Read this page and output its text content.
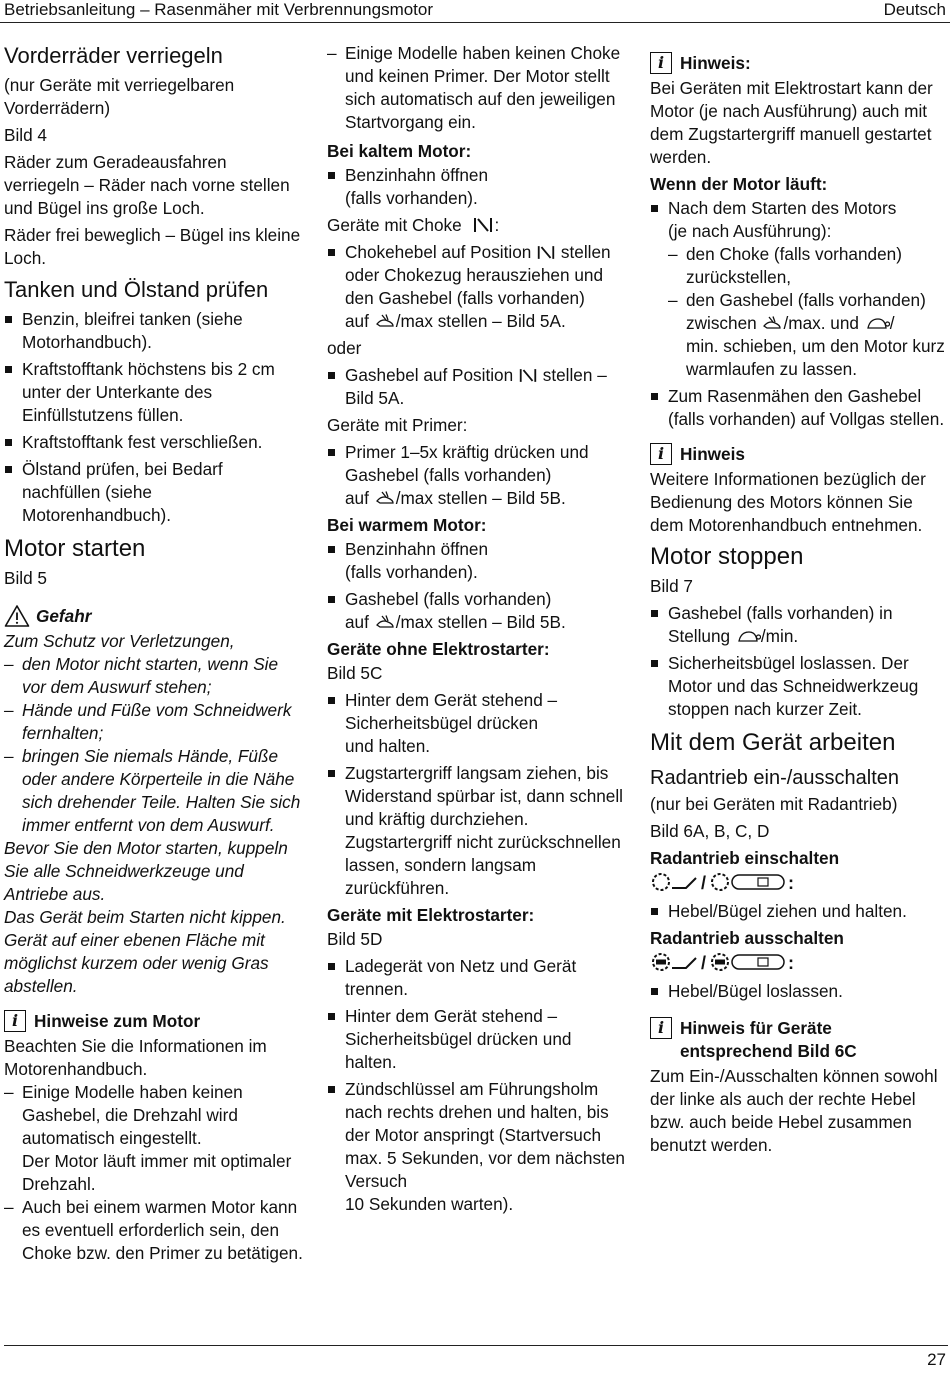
Betriebsanleitung – Rasenmäher mit Verbrennungsmotor	Deutsch
Vorderräder verriegeln

(nur Geräte mit verriegelbaren Vorderrädern)

Bild 4

Räder zum Geradeausfahren verriegeln – Räder nach vorne stellen und Bügel ins große Loch.

Räder frei beweglich – Bügel ins kleine Loch.

Tanken und Ölstand prüfen
Benzin, bleifrei tanken (siehe Motorhandbuch).
Kraftstofftank höchstens bis 2 cm unter der Unterkante des Einfüllstutzens füllen.
Kraftstofftank fest verschließen.
Ölstand prüfen, bei Bedarf nachfüllen (siehe Motorenhandbuch).
Motor starten

Bild 5

Gefahr

Zum Schutz vor Verletzungen,

– den Motor nicht starten, wenn Sie vor dem Auswurf stehen;
– Hände und Füße vom Schneidwerk fernhalten;
– bringen Sie niemals Hände, Füße oder andere Körperteile in die Nähe sich drehender Teile. Halten Sie sich immer entfernt von dem Auswurf.

Bevor Sie den Motor starten, kuppeln Sie alle Schneidwerkzeuge und Antriebe aus.

Das Gerät beim Starten nicht kippen. Gerät auf einer ebenen Fläche mit möglichst kurzem oder wenig Gras abstellen.

i Hinweise zum Motor

Beachten Sie die Informationen im Motorenhandbuch.

– Einige Modelle haben keinen Gashebel, die Drehzahl wird automatisch eingestellt.
Der Motor läuft immer mit optimaler Drehzahl.
– Auch bei einem warmen Motor kann es eventuell erforderlich sein, den Choke bzw. den Primer zu betätigen.
– Einige Modelle haben keinen Choke und keinen Primer. Der Motor stellt sich automatisch auf den jeweiligen Startvorgang ein.
Bei kaltem Motor:
Benzinhahn öffnen
(falls vorhanden).

Geräte mit Choke :

Chokehebel auf Position stellen oder Chokezug herausziehen und den Gashebel (falls vorhanden)
auf /max stellen – Bild 5A.

oder

Gashebel auf Position stellen – Bild 5A.

Geräte mit Primer:

Primer 1–5x kräftig drücken und Gashebel (falls vorhanden)
auf /max stellen – Bild 5B.
Bei warmem Motor:
Benzinhahn öffnen
(falls vorhanden).
Gashebel (falls vorhanden)
auf /max stellen – Bild 5B.
Geräte ohne Elektrostarter:

Bild 5C

Hinter dem Gerät stehend – Sicherheitsbügel drücken
und halten.
Zugstartergriff langsam ziehen, bis Widerstand spürbar ist, dann schnell und kräftig durchziehen. Zugstartergriff nicht zurückschnellen lassen, sondern langsam zurückführen.
Geräte mit Elektrostarter:

Bild 5D

Ladegerät von Netz und Gerät trennen.
Hinter dem Gerät stehend – Sicherheitsbügel drücken und halten.
Zündschlüssel am Führungsholm nach rechts drehen und halten, bis der Motor anspringt (Startversuch max. 5 Sekunden, vor dem nächsten Versuch
10 Sekunden warten).
i Hinweis:

Bei Geräten mit Elektrostart kann der Motor (je nach Ausführung) auch mit dem Zugstartergriff manuell gestartet werden.

Wenn der Motor läuft:
Nach dem Starten des Motors
(je nach Ausführung):
– den Choke (falls vorhanden) zurückstellen,
– den Gashebel (falls vorhanden)
zwischen /max. und /
min. schieben, um den Motor kurz warmlaufen zu lassen.
Zum Rasenmähen den Gashebel (falls vorhanden) auf Vollgas stellen.
i Hinweis

Weitere Informationen bezüglich der Bedienung des Motors können Sie dem Motorenhandbuch entnehmen.

Motor stoppen

Bild 7

Gashebel (falls vorhanden) in
Stellung /min.
Sicherheitsbügel loslassen. Der Motor und das Schneidwerkzeug stoppen nach kurzer Zeit.
Mit dem Gerät arbeiten
Radantrieb ein-/ausschalten

(nur bei Geräten mit Radantrieb)

Bild 6A, B, C, D

Radantrieb einschalten
/	:
Hebel/Bügel ziehen und halten.
Radantrieb ausschalten
/	:
Hebel/Bügel loslassen.
i Hinweis für Geräte entsprechend Bild 6C

Zum Ein-/Ausschalten können sowohl der linke als auch der rechte Hebel bzw. auch beide Hebel zusammen benutzt werden.

27
